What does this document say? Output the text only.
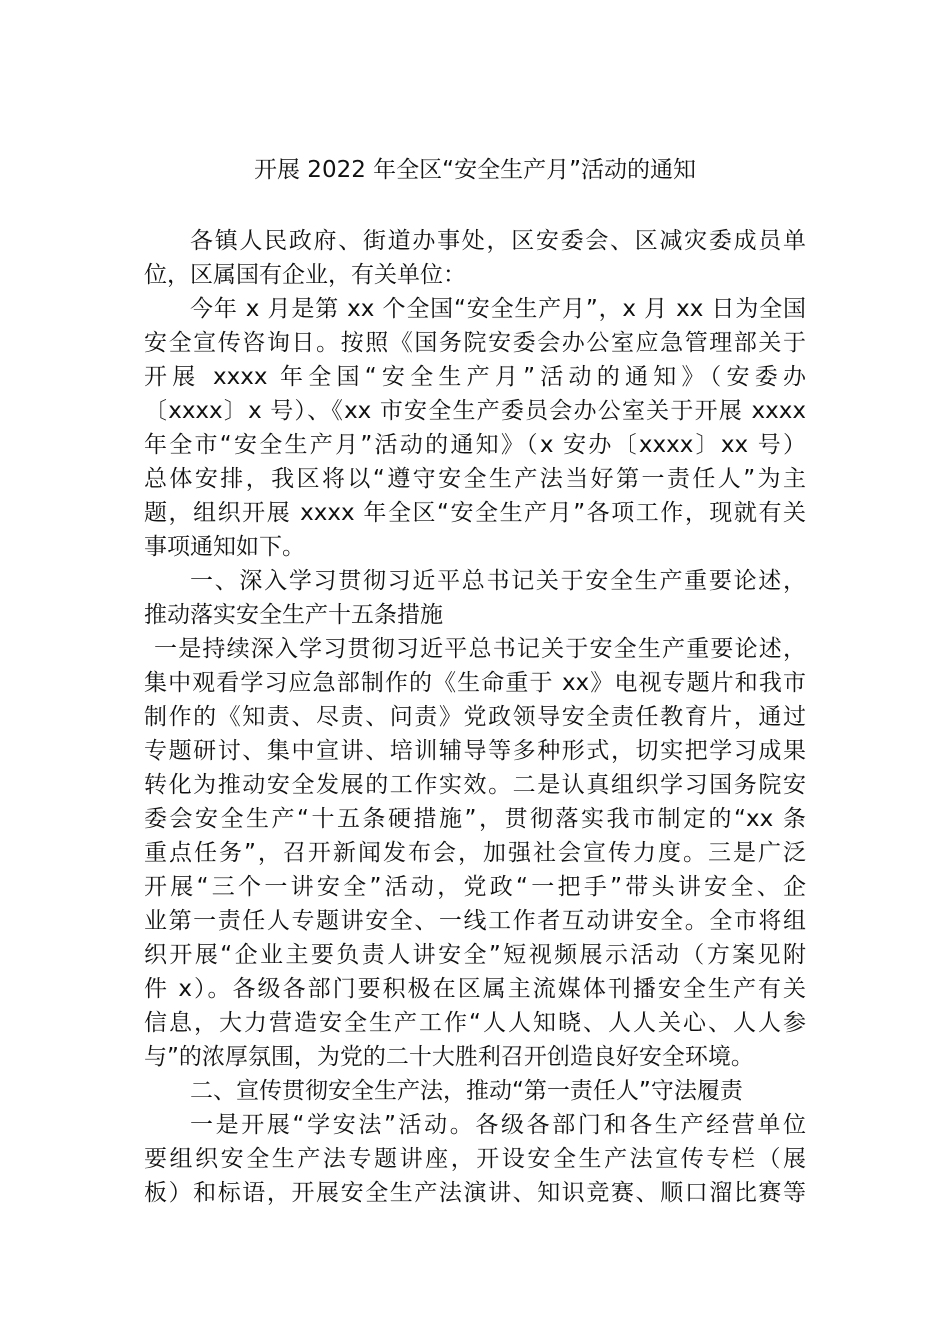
开展 2022 年全区“安全生产月”活动的通知
各镇人民政府、街道办事处，区安委会、区减灾委成员单
位，区属国有企业，有关单位：
今年 x 月是第 xx 个全国“安全生产月”，x 月 xx 日为全国
安全宣传咨询日。按照《国务院安委会办公室应急管理部关于
开展 xxxx 年全国“安全生产月”活动的通知》（安委办
〔xxxx〕x 号）、《xx 市安全生产委员会办公室关于开展 xxxx
年全市“安全生产月”活动的通知》（x 安办〔xxxx〕xx 号）
总体安排，我区将以“遵守安全生产法当好第一责任人”为主
题，组织开展 xxxx 年全区“安全生产月”各项工作，现就有关
事项通知如下。
一、深入学习贯彻习近平总书记关于安全生产重要论述，
推动落实安全生产十五条措施
一是持续深入学习贯彻习近平总书记关于安全生产重要论述，
集中观看学习应急部制作的《生命重于 xx》电视专题片和我市
制作的《知责、尽责、问责》党政领导安全责任教育片，通过
专题研讨、集中宣讲、培训辅导等多种形式，切实把学习成果
转化为推动安全发展的工作实效。二是认真组织学习国务院安
委会安全生产“十五条硬措施”，贯彻落实我市制定的“xx 条
重点任务”，召开新闻发布会，加强社会宣传力度。三是广泛
开展“三个一讲安全”活动，党政“一把手”带头讲安全、企
业第一责任人专题讲安全、一线工作者互动讲安全。全市将组
织开展“企业主要负责人讲安全”短视频展示活动（方案见附
件 x）。各级各部门要积极在区属主流媒体刊播安全生产有关
信息，大力营造安全生产工作“人人知晓、人人关心、人人参
与”的浓厚氛围，为党的二十大胜利召开创造良好安全环境。
二、宣传贯彻安全生产法，推动“第一责任人”守法履责
一是开展“学安法”活动。各级各部门和各生产经营单位
要组织安全生产法专题讲座，开设安全生产法宣传专栏（展
板）和标语，开展安全生产法演讲、知识竞赛、顺口溜比赛等
